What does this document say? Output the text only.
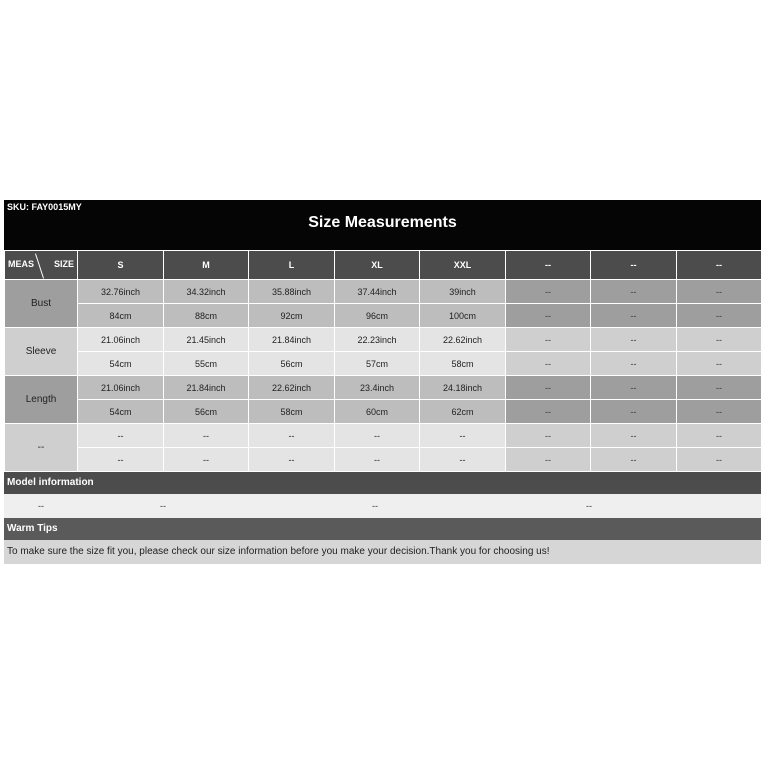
SKU: FAY0015MY
Size Measurements
MEAS SIZE	S	M	L	XL	XXL	--	--	--
Bust	32.76inch	34.32inch	35.88inch	37.44inch	39inch	--	--	--
	84cm	88cm	92cm	96cm	100cm	--	--	--
Sleeve	21.06inch	21.45inch	21.84inch	22.23inch	22.62inch	--	--	--
	54cm	55cm	56cm	57cm	58cm	--	--	--
Length	21.06inch	21.84inch	22.62inch	23.4inch	24.18inch	--	--	--
	54cm	56cm	58cm	60cm	62cm	--	--	--
--	--	--	--	--	--	--	--	--
	--	--	--	--	--	--	--	--
Model information
--	--	--	--
Warm Tips
To make sure the size fit you, please check our size information before you make your decision.Thank you for choosing us!
